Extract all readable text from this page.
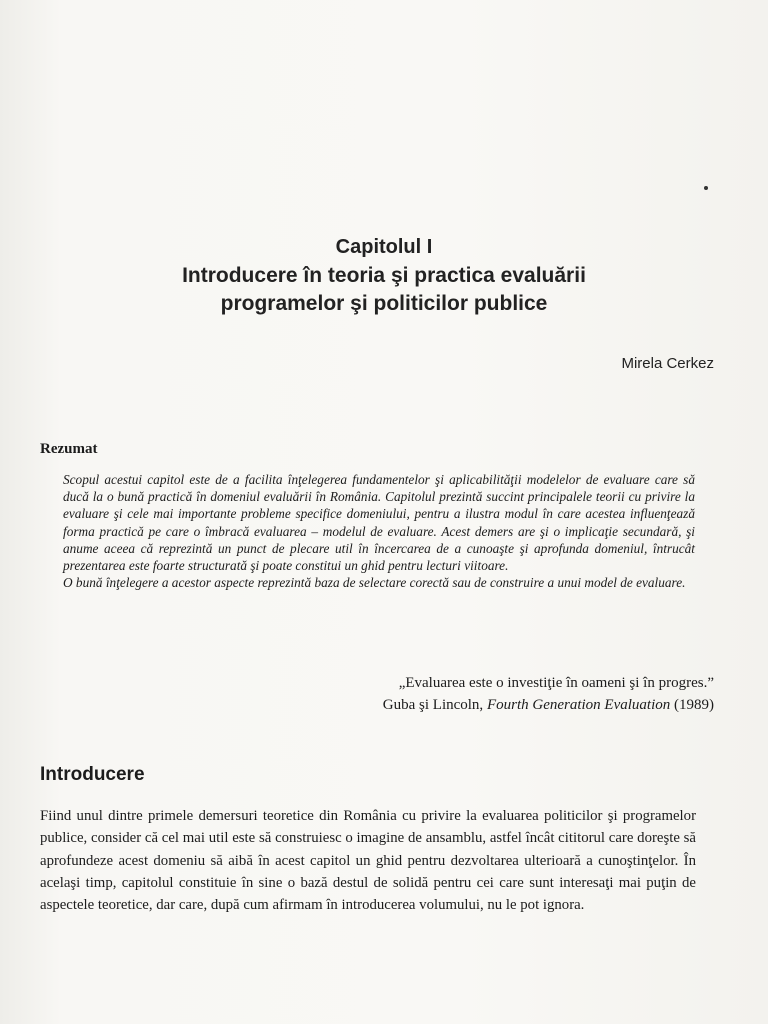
Capitolul I
Introducere în teoria şi practica evaluării
programelor şi politicilor publice
Mirela Cerkez
Rezumat

Scopul acestui capitol este de a facilita înţelegerea fundamentelor şi aplicabilităţii modelelor de evaluare care să ducă la o bună practică în domeniul evaluării în România. Capitolul prezintă succint principalele teorii cu privire la evaluare şi cele mai importante probleme specifice domeniului, pentru a ilustra modul în care acestea influenţează forma practică pe care o îmbracă evaluarea – modelul de evaluare. Acest demers are şi o implicaţie secundară, şi anume aceea că reprezintă un punct de plecare util în încercarea de a cunoaşte şi aprofunda domeniul, întrucât prezentarea este foarte structurată şi poate constitui un ghid pentru lecturi viitoare.

O bună înţelegere a acestor aspecte reprezintă baza de selectare corectă sau de construire a unui model de evaluare.

„Evaluarea este o investiţie în oameni şi în progres.”
Guba şi Lincoln, Fourth Generation Evaluation (1989)
Introducere

Fiind unul dintre primele demersuri teoretice din România cu privire la evaluarea politicilor şi programelor publice, consider că cel mai util este să construiesc o imagine de ansamblu, astfel încât cititorul care doreşte să aprofundeze acest domeniu să aibă în acest capitol un ghid pentru dezvoltarea ulterioară a cunoştinţelor. În acelaşi timp, capitolul constituie în sine o bază destul de solidă pentru cei care sunt interesaţi mai puţin de aspectele teoretice, dar care, după cum afirmam în introducerea volumului, nu le pot ignora.
